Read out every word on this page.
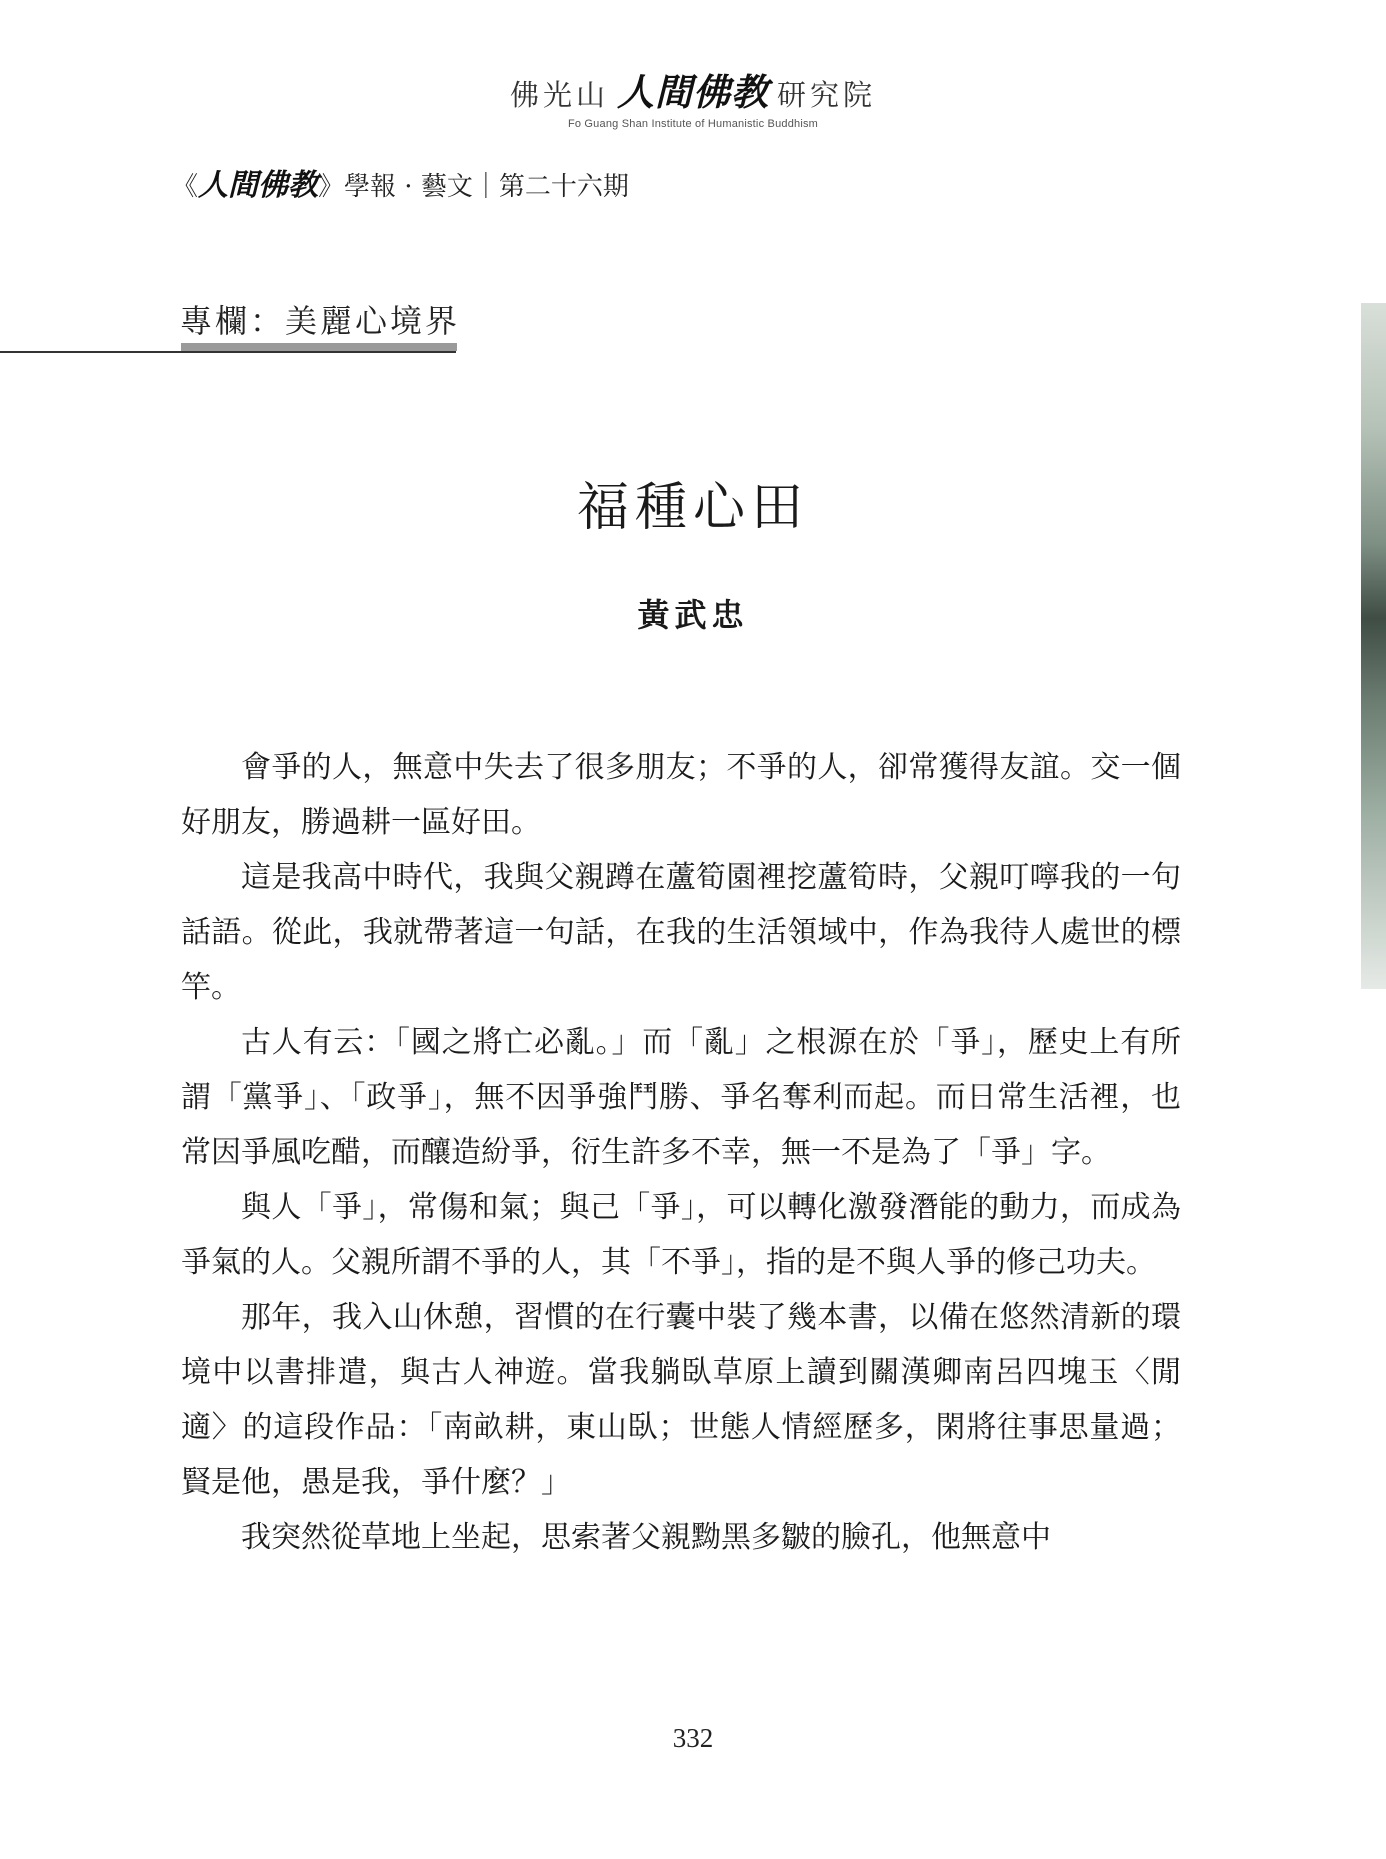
佛光山 人間佛教 研究院
Fo Guang Shan Institute of Humanistic Buddhism
《人間佛教》學報 · 藝文｜第二十六期
專欄：美麗心境界
福種心田
黃武忠

會爭的人，無意中失去了很多朋友；不爭的人，卻常獲得友誼。交一個好朋友，勝過耕一區好田。

這是我高中時代，我與父親蹲在蘆筍園裡挖蘆筍時，父親叮嚀我的一句話語。從此，我就帶著這一句話，在我的生活領域中，作為我待人處世的標竿。

古人有云：「國之將亡必亂。」而「亂」之根源在於「爭」，歷史上有所謂「黨爭」、「政爭」，無不因爭強鬥勝、爭名奪利而起。而日常生活裡，也常因爭風吃醋，而釀造紛爭，衍生許多不幸，無一不是為了「爭」字。

與人「爭」，常傷和氣；與己「爭」，可以轉化激發潛能的動力，而成為爭氣的人。父親所謂不爭的人，其「不爭」，指的是不與人爭的修己功夫。

那年，我入山休憩，習慣的在行囊中裝了幾本書，以備在悠然清新的環境中以書排遣，與古人神遊。當我躺臥草原上讀到關漢卿南呂四塊玉〈閒適〉的這段作品：「南畝耕，東山臥；世態人情經歷多，閑將往事思量過；賢是他，愚是我，爭什麼？」

我突然從草地上坐起，思索著父親黝黑多皺的臉孔，他無意中

332
